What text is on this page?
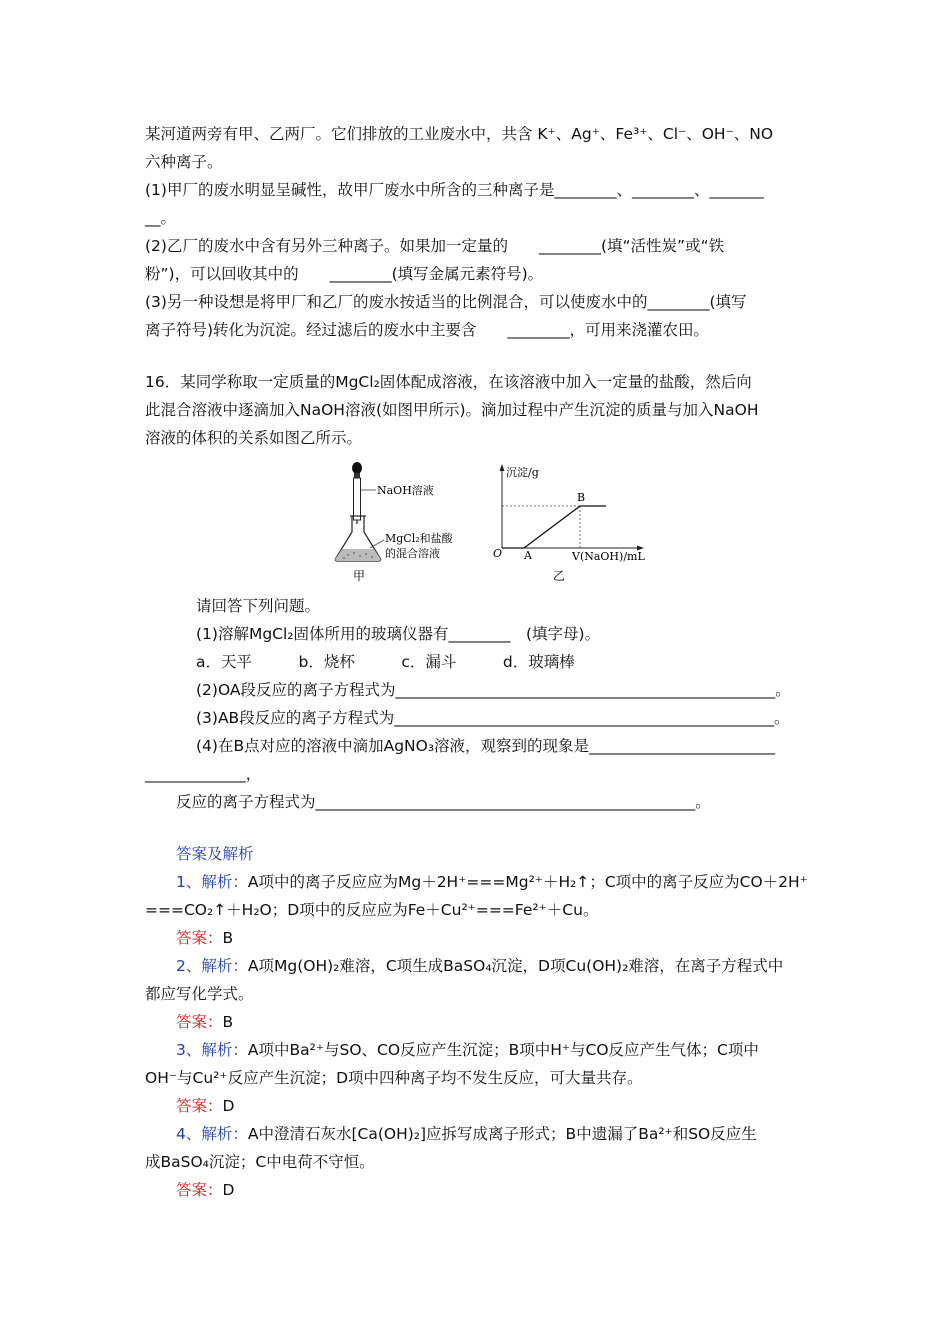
某河道两旁有甲、乙两厂。它们排放的工业废水中，共含 K⁺、Ag⁺、Fe³⁺、Cl⁻、OH⁻、NO
六种离子。
(1)甲厂的废水明显呈碱性，故甲厂废水中所含的三种离子是________、________、_______
__。
(2)乙厂的废水中含有另外三种离子。如果加一定量的　　________(填“活性炭”或“铁
粉”)，可以回收其中的　　________(填写金属元素符号)。
(3)另一种设想是将甲厂和乙厂的废水按适当的比例混合，可以使废水中的________(填写
离子符号)转化为沉淀。经过滤后的废水中主要含　　________，可用来浇灌农田。
16．某同学称取一定质量的MgCl₂固体配成溶液，在该溶液中加入一定量的盐酸，然后向
此混合溶液中逐滴加入NaOH溶液(如图甲所示)。滴加过程中产生沉淀的质量与加入NaOH
溶液的体积的关系如图乙所示。
NaOH溶液
MgCl₂和盐酸
的混合溶液
甲
沉淀/g
O A
B
V(NaOH)/mL
乙
请回答下列问题。
(1)溶解MgCl₂固体所用的玻璃仪器有________　(填字母)。
a．天平　　　b．烧杯　　　c．漏斗　　　d．玻璃棒
(2)OA段反应的离子方程式为_________________________________________________。
(3)AB段反应的离子方程式为_________________________________________________。
(4)在B点对应的溶液中滴加AgNO₃溶液，观察到的现象是________________________
_____________，
反应的离子方程式为_________________________________________________。
答案及解析
1、解析：A项中的离子反应应为Mg＋2H⁺===Mg²⁺＋H₂↑；C项中的离子反应为CO＋2H⁺
===CO₂↑＋H₂O；D项中的反应应为Fe＋Cu²⁺===Fe²⁺＋Cu。
答案：B
2、解析：A项Mg(OH)₂难溶，C项生成BaSO₄沉淀，D项Cu(OH)₂难溶，在离子方程式中
都应写化学式。
答案：B
3、解析：A项中Ba²⁺与SO、CO反应产生沉淀；B项中H⁺与CO反应产生气体；C项中
OH⁻与Cu²⁺反应产生沉淀；D项中四种离子均不发生反应，可大量共存。
答案：D
4、解析：A中澄清石灰水[Ca(OH)₂]应拆写成离子形式；B中遗漏了Ba²⁺和SO反应生
成BaSO₄沉淀；C中电荷不守恒。
答案：D
